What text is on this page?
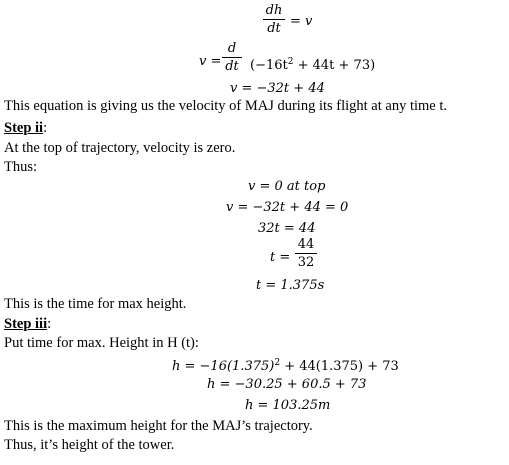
dh
dt = v
v =
d
dt $(-16t^2 + 44t + 73)$
v = −32t + 44
This equation is giving us the velocity of MAJ during its flight at any time t.
Step ii:
At the top of trajectory, velocity is zero.
Thus:
v = 0 at top
v = −32t + 44 = 0
32t = 44
t =
44
32
t = 1.375s
This is the time for max height.
Step iii:
Put time for max. Height in H (t):
$h = -16(1.375)^2 + 44(1.375) + 73$
h = −30.25 + 60.5 + 73
h = 103.25m
This is the maximum height for the MAJ’s trajectory.
Thus, it’s height of the tower.
